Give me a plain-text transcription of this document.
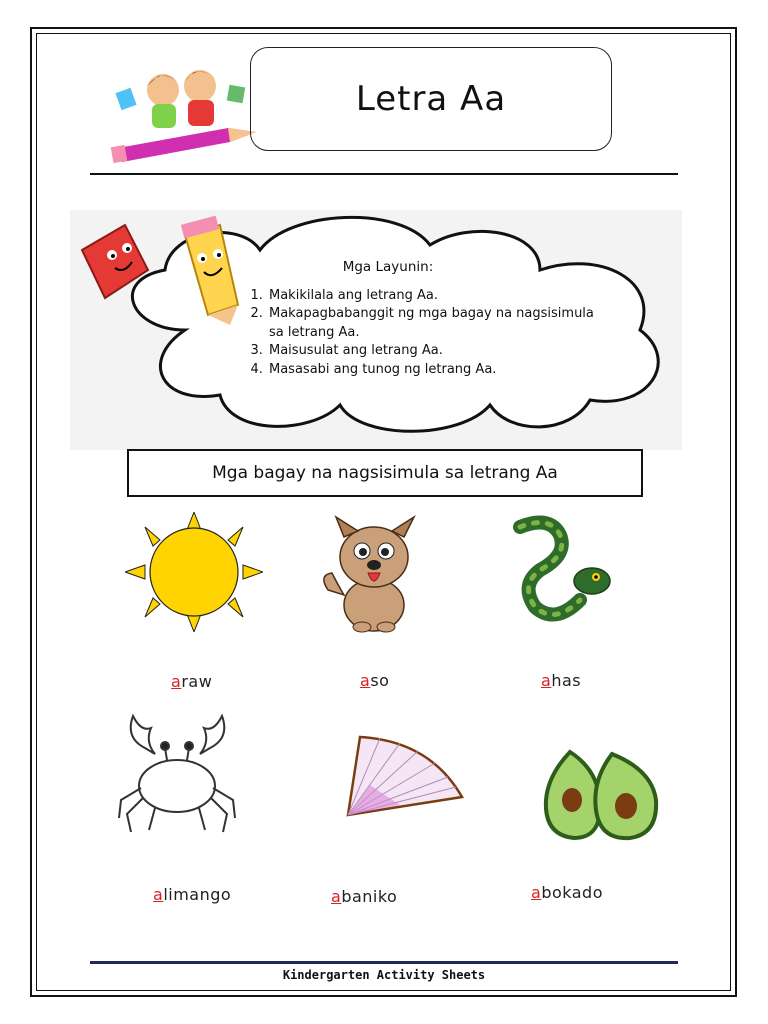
Letra Aa
Mga Layunin:
1. Makikilala ang letrang Aa.
2. Makapagbabanggit ng mga bagay na nagsisimula sa letrang Aa.
3. Maisusulat ang letrang Aa.
4. Masasabi ang tunog ng letrang Aa.
Mga bagay na nagsisimula sa letrang Aa
araw	aso	ahas
alimango	abaniko	abokado
Kindergarten Activity Sheets
